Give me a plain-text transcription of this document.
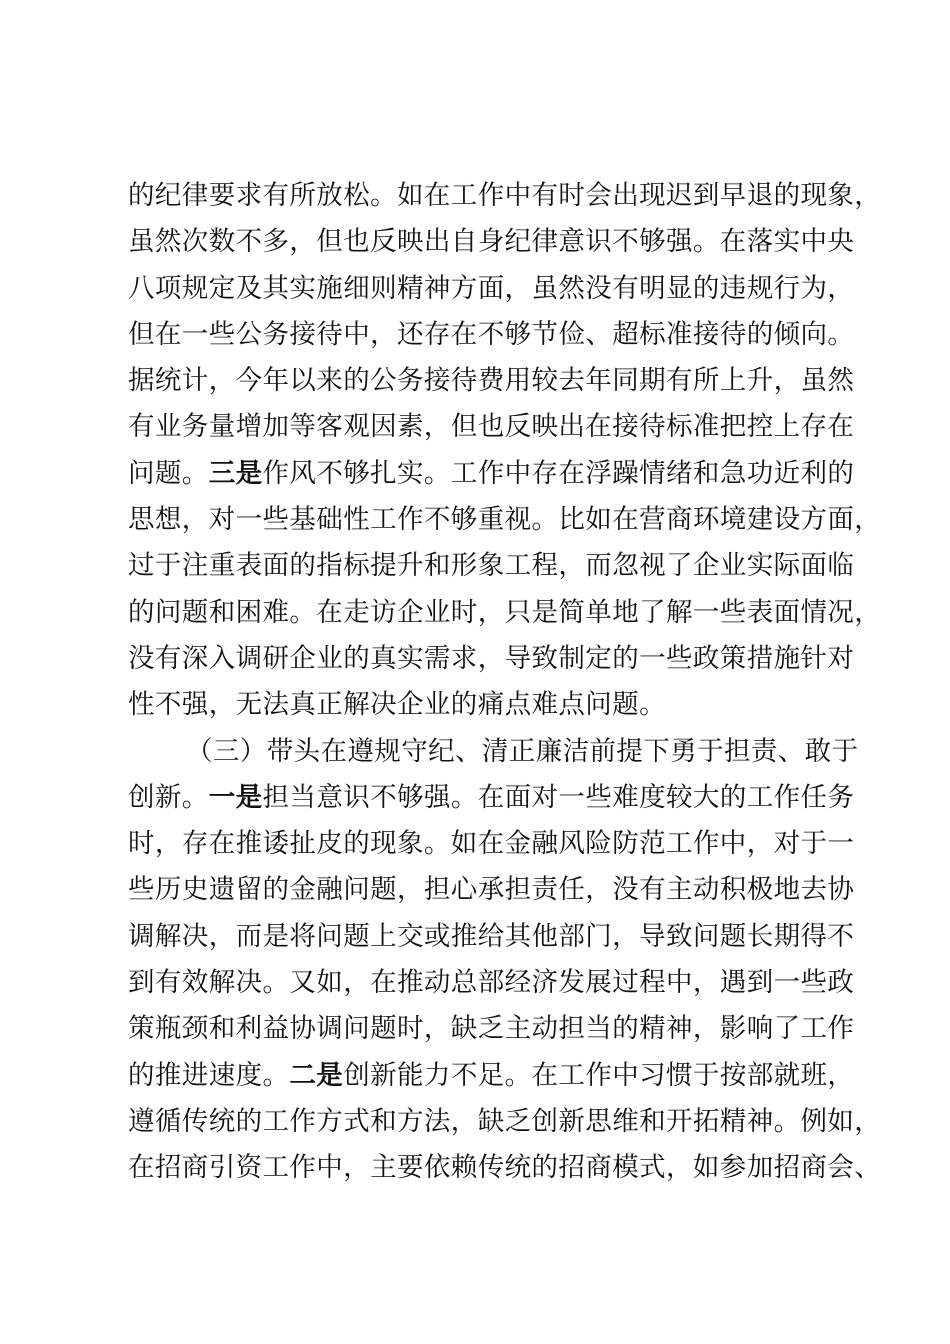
的纪律要求有所放松。如在工作中有时会出现迟到早退的现象，
虽然次数不多，但也反映出自身纪律意识不够强。在落实中央
八项规定及其实施细则精神方面，虽然没有明显的违规行为，
但在一些公务接待中，还存在不够节俭、超标准接待的倾向。
据统计，今年以来的公务接待费用较去年同期有所上升，虽然
有业务量增加等客观因素，但也反映出在接待标准把控上存在
问题。三是作风不够扎实。工作中存在浮躁情绪和急功近利的
思想，对一些基础性工作不够重视。比如在营商环境建设方面，
过于注重表面的指标提升和形象工程，而忽视了企业实际面临
的问题和困难。在走访企业时，只是简单地了解一些表面情况，
没有深入调研企业的真实需求，导致制定的一些政策措施针对
性不强，无法真正解决企业的痛点难点问题。
（三）带头在遵规守纪、清正廉洁前提下勇于担责、敢于
创新。一是担当意识不够强。在面对一些难度较大的工作任务
时，存在推诿扯皮的现象。如在金融风险防范工作中，对于一
些历史遗留的金融问题，担心承担责任，没有主动积极地去协
调解决，而是将问题上交或推给其他部门，导致问题长期得不
到有效解决。又如，在推动总部经济发展过程中，遇到一些政
策瓶颈和利益协调问题时，缺乏主动担当的精神，影响了工作
的推进速度。二是创新能力不足。在工作中习惯于按部就班，
遵循传统的工作方式和方法，缺乏创新思维和开拓精神。例如，
在招商引资工作中，主要依赖传统的招商模式，如参加招商会、
